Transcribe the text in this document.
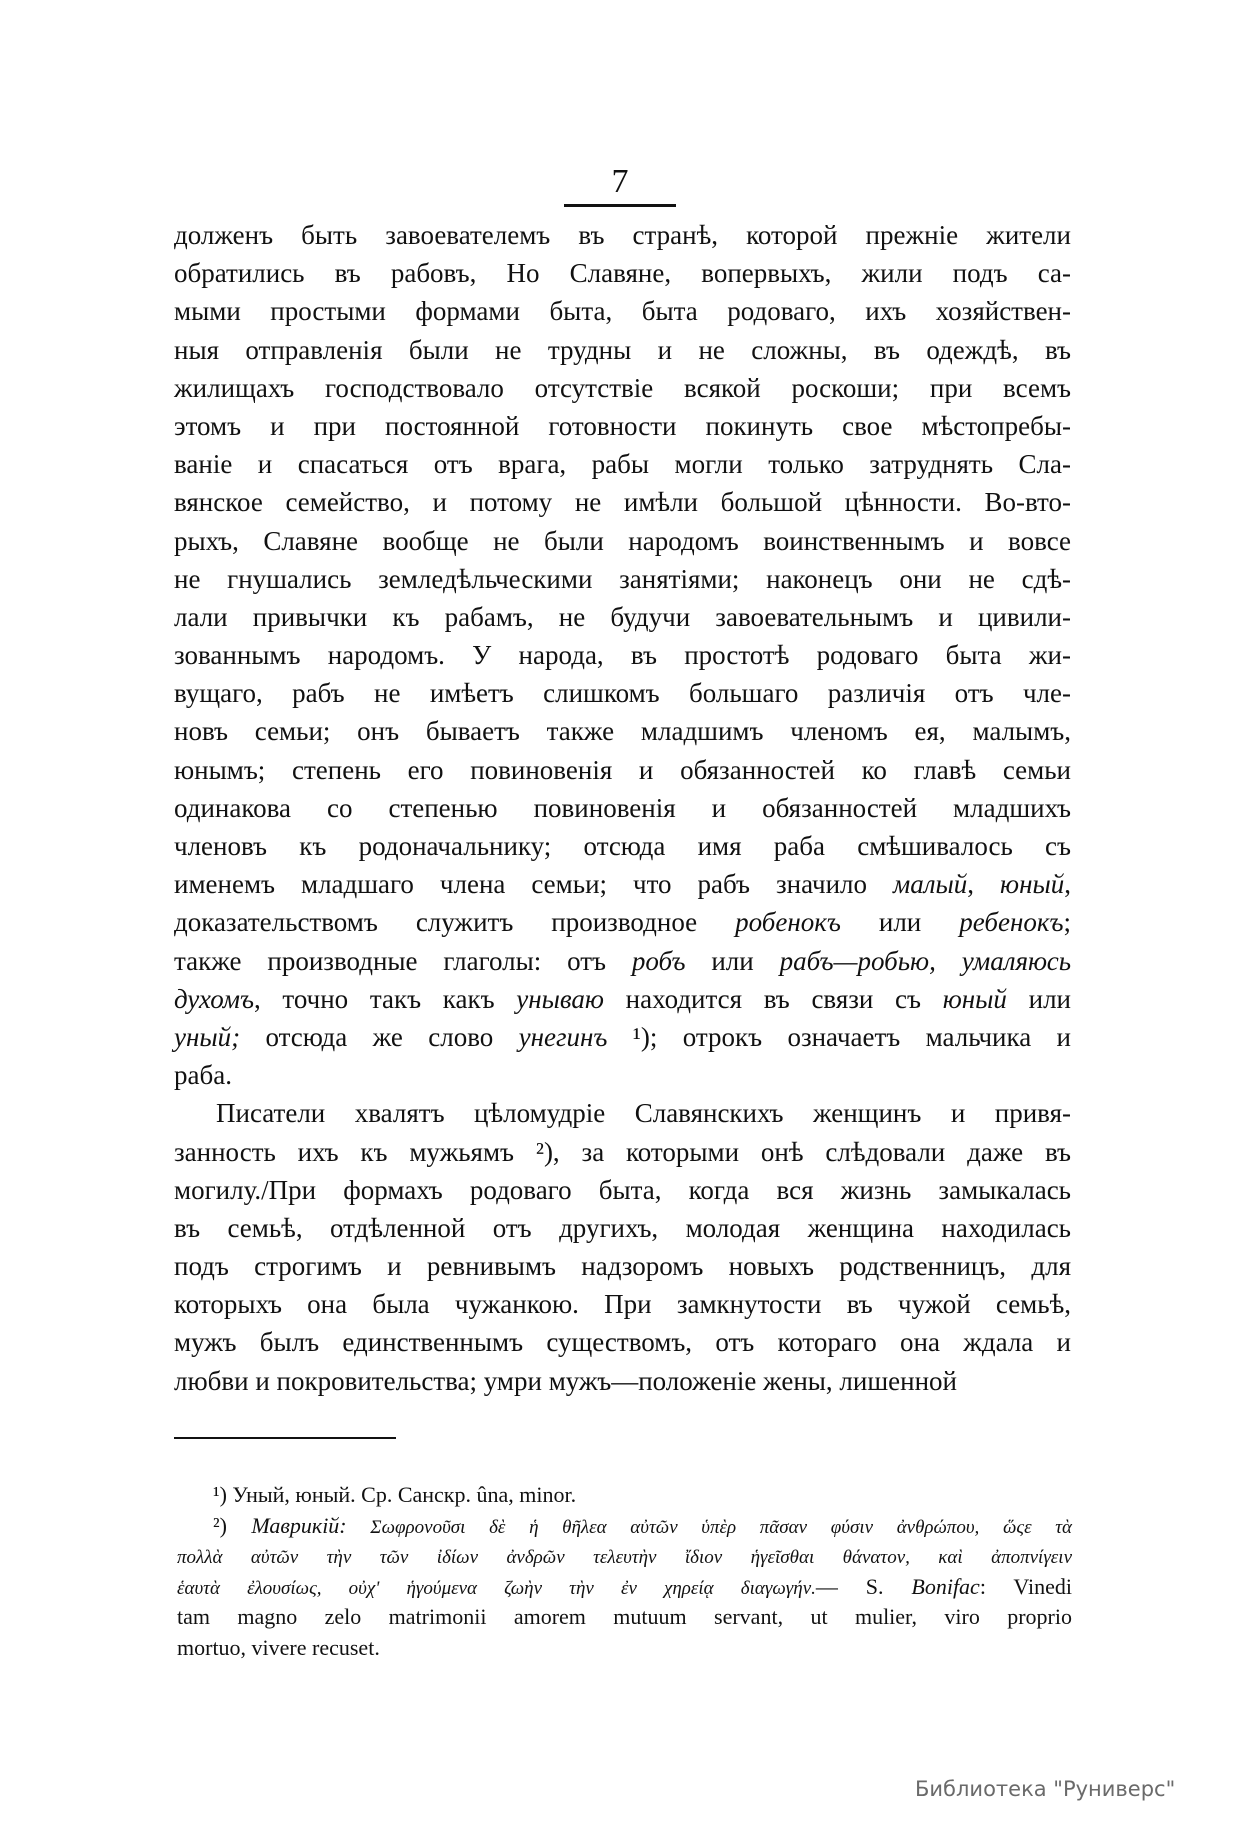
7
долженъ быть завоевателемъ въ странѣ, которой прежніе жители
обратились въ рабовъ, Но Славяне, вопервыхъ, жили подъ са-
мыми простыми формами быта, быта родоваго, ихъ хозяйствен-
ныя отправленія были не трудны и не сложны, въ одеждѣ, въ
жилищахъ господствовало отсутствіе всякой роскоши; при всемъ
этомъ и при постоянной готовности покинуть свое мѣстопребы-
ваніе и спасаться отъ врага, рабы могли только затруднять Сла-
вянское семейство, и потому не имѣли большой цѣнности. Во-вто-
рыхъ, Славяне вообще не были народомъ воинственнымъ и вовсе
не гнушались земледѣльческими занятіями; наконецъ они не сдѣ-
лали привычки къ рабамъ, не будучи завоевательнымъ и цивили-
зованнымъ народомъ. У народа, въ простотѣ родоваго быта жи-
вущаго, рабъ не имѣетъ слишкомъ большаго различія отъ чле-
новъ семьи; онъ бываетъ также младшимъ членомъ ея, малымъ,
юнымъ; степень его повиновенія и обязанностей ко главѣ семьи
одинакова со степенью повиновенія и обязанностей младшихъ
членовъ къ родоначальнику; отсюда имя раба смѣшивалось съ
именемъ младшаго члена семьи; что рабъ значило малый, юный,
доказательствомъ служитъ производное робенокъ или ребенокъ;
также производные глаголы: отъ робъ или рабъ—робью, умаляюсь
духомъ, точно такъ какъ унываю находится въ связи съ юный или
уный; отсюда же слово унегинъ ¹); отрокъ означаетъ мальчика и
раба.
Писатели хвалятъ цѣломудріе Славянскихъ женщинъ и привя-
занность ихъ къ мужьямъ ²), за которыми онѣ слѣдовали даже въ
могилу./При формахъ родоваго быта, когда вся жизнь замыкалась
въ семьѣ, отдѣленной отъ другихъ, молодая женщина находилась
подъ строгимъ и ревнивымъ надзоромъ новыхъ родственницъ, для
которыхъ она была чужанкою. При замкнутости въ чужой семьѣ,
мужъ былъ единственнымъ существомъ, отъ котораго она ждала и
любви и покровительства; умри мужъ—положеніе жены, лишенной
¹) Уный, юный. Ср. Санскр. ûna, minor.
²) Маврикій: Σωφρονοῦσι δὲ ἡ θῆλεα αὐτῶν ὑπὲρ πᾶσαν φύσιν ἀνθρώπου, ὥςε τὰ
πολλὰ αὐτῶν τὴν τῶν ἰδίων ἀνδρῶν τελευτὴν ἴδιον ἡγεῖσθαι θάνατον, καὶ ἀποπνίγειν
ἑαυτὰ ἐλουσίως, οὐχ' ἡγούμενα ζωὴν τὴν ἐν χηρείᾳ διαγωγήν.— S. Bonifac: Vinedi
tam magno zelo matrimonii amorem mutuum servant, ut mulier, viro proprio
mortuo, vivere recuset.
Библиотека "Руниверс"
